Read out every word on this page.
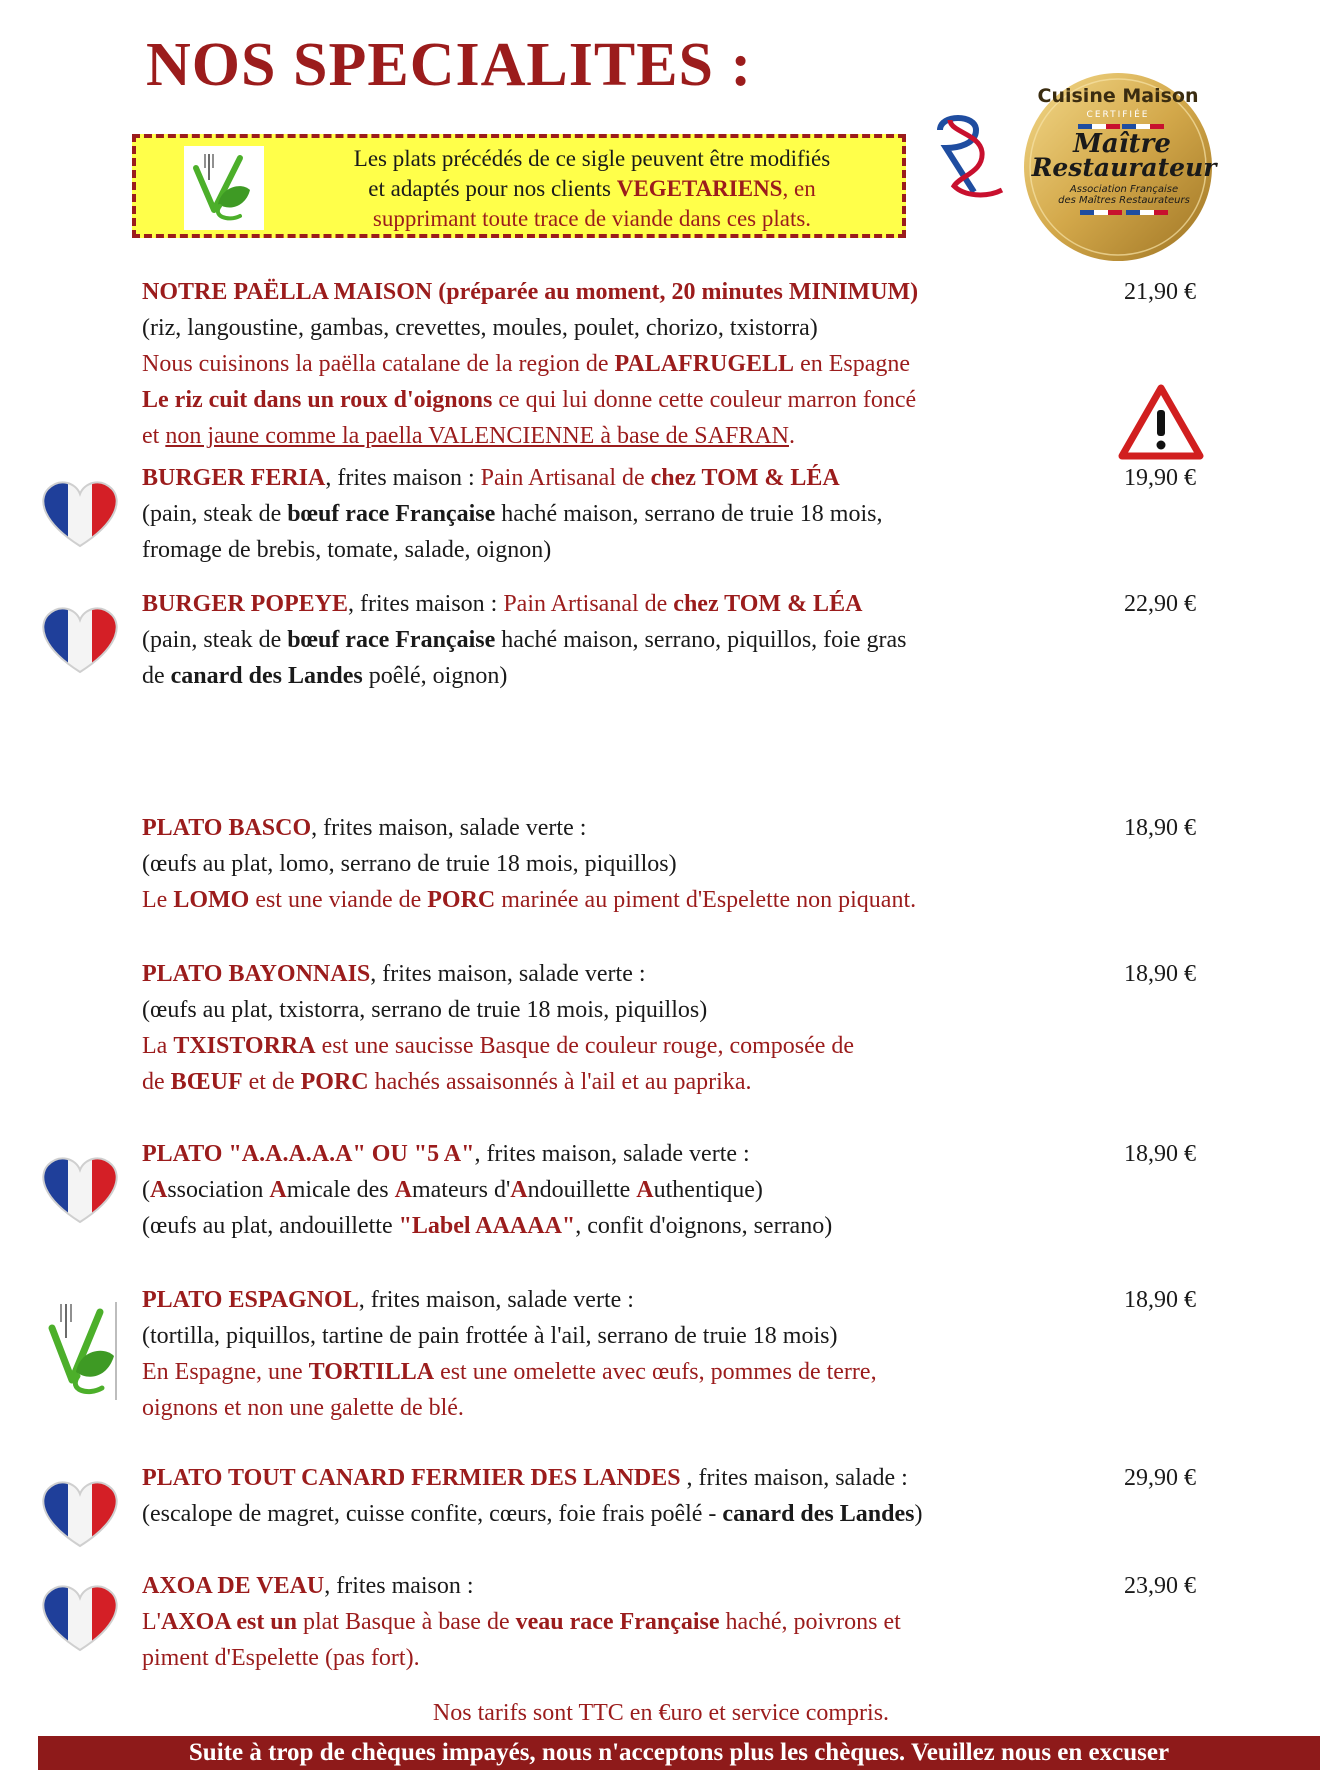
NOS SPECIALITES :
Les plats précédés de ce sigle peuvent être modifiés
et adaptés pour nos clients VEGETARIENS, en
supprimant toute trace de viande dans ces plats.
Cuisine Maison
CERTIFIÉE
Maître
Restaurateur
Association Française
des Maîtres Restaurateurs
NOTRE PAËLLA MAISON (préparée au moment, 20 minutes MINIMUM)
(riz, langoustine, gambas, crevettes, moules, poulet, chorizo, txistorra)
Nous cuisinons la paëlla catalane de la region de PALAFRUGELL en Espagne
Le riz cuit dans un roux d'oignons ce qui lui donne cette couleur marron foncé
et non jaune comme la paella VALENCIENNE à base de SAFRAN.
21,90 €
BURGER FERIA, frites maison : Pain Artisanal de chez TOM & LÉA
(pain, steak de bœuf race Française haché maison, serrano de truie 18 mois,
fromage de brebis, tomate, salade, oignon)
19,90 €
BURGER POPEYE, frites maison : Pain Artisanal de chez TOM & LÉA
(pain, steak de bœuf race Française haché maison, serrano, piquillos, foie gras
de canard des Landes poêlé, oignon)
22,90 €
PLATO BASCO, frites maison, salade verte :
(œufs au plat, lomo, serrano de truie 18 mois, piquillos)
Le LOMO est une viande de PORC marinée au piment d'Espelette non piquant.
18,90 €
PLATO BAYONNAIS, frites maison, salade verte :
(œufs au plat, txistorra, serrano de truie 18 mois, piquillos)
La TXISTORRA est une saucisse Basque de couleur rouge, composée de
de BŒUF et de PORC hachés assaisonnés à l'ail et au paprika.
18,90 €
PLATO "A.A.A.A.A" OU "5 A", frites maison, salade verte :
(Association Amicale des Amateurs d'Andouillette Authentique)
(œufs au plat, andouillette "Label AAAAA", confit d'oignons, serrano)
18,90 €
PLATO ESPAGNOL, frites maison, salade verte :
(tortilla, piquillos, tartine de pain frottée à l'ail, serrano de truie 18 mois)
En Espagne, une TORTILLA est une omelette avec œufs, pommes de terre,
oignons et non une galette de blé.
18,90 €
PLATO TOUT CANARD FERMIER DES LANDES , frites maison, salade :
(escalope de magret, cuisse confite, cœurs, foie frais poêlé - canard des Landes)
29,90 €
AXOA DE VEAU, frites maison :
L'AXOA est un plat Basque à base de veau race Française haché, poivrons et
piment d'Espelette (pas fort).
23,90 €
Nos tarifs sont TTC en €uro et service compris.
Suite à trop de chèques impayés, nous n'acceptons plus les chèques. Veuillez nous en excuser
